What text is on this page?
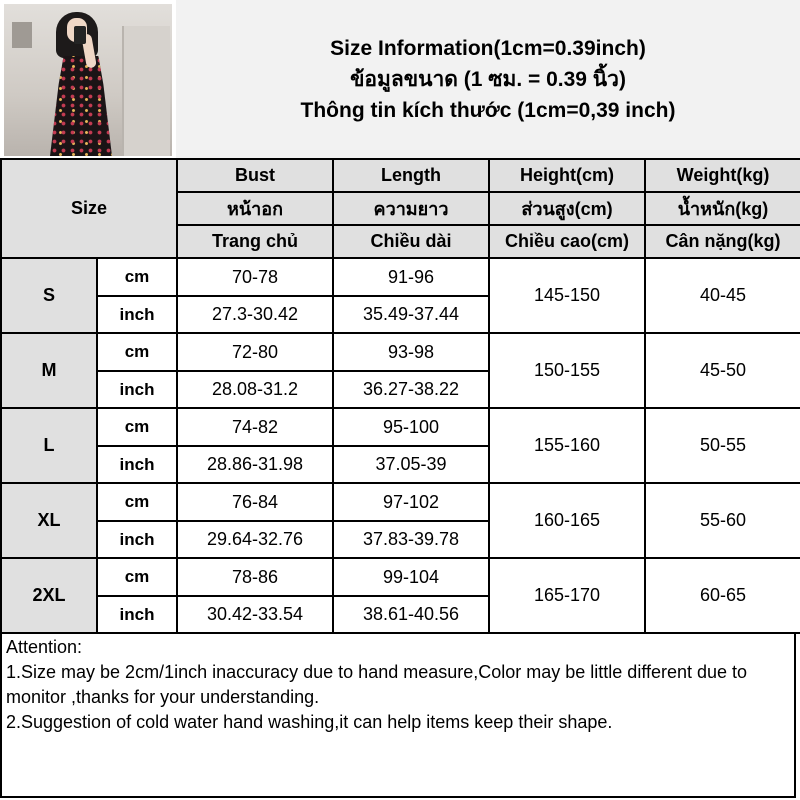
Size Information(1cm=0.39inch)
ข้อมูลขนาด (1 ซม. = 0.39 นิ้ว)
Thông tin kích thước (1cm=0,39 inch)
Size		Bust	Length	Height(cm)	Weight(kg)
		หน้าอก	ความยาว	ส่วนสูง(cm)	น้ำหนัก(kg)
		Trang chủ	Chiều dài	Chiều cao(cm)	Cân nặng(kg)
S	cm	70-78	91-96	145-150	40-45
	inch	27.3-30.42	35.49-37.44		
M	cm	72-80	93-98	150-155	45-50
	inch	28.08-31.2	36.27-38.22		
L	cm	74-82	95-100	155-160	50-55
	inch	28.86-31.98	37.05-39		
XL	cm	76-84	97-102	160-165	55-60
	inch	29.64-32.76	37.83-39.78		
2XL	cm	78-86	99-104	165-170	60-65
	inch	30.42-33.54	38.61-40.56		
Attention:
1.Size may be 2cm/1inch inaccuracy due to hand measure,Color may be little different due to monitor ,thanks for your understanding.
2.Suggestion of cold water hand washing,it can help items keep their shape.
